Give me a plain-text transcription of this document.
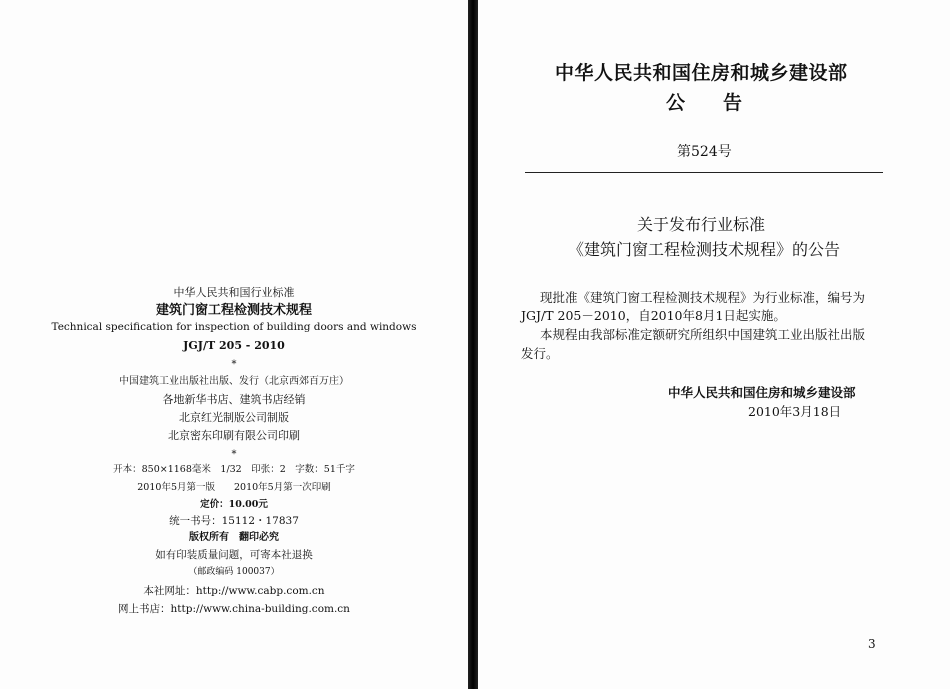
中华人民共和国行业标准
建筑门窗工程检测技术规程
Technical specification for inspection of building doors and windows
JGJ/T 205 - 2010
*
中国建筑工业出版社出版、发行（北京西郊百万庄）
各地新华书店、建筑书店经销
北京红光制版公司制版
北京密东印刷有限公司印刷
*
开本：850×1168毫米　1/32　印张：2　字数：51千字
2010年5月第一版　　2010年5月第一次印刷
定价：10.00元
统一书号：15112・17837
版权所有　翻印必究
如有印装质量问题，可寄本社退换
（邮政编码 100037）
本社网址：http://www.cabp.com.cn
网上书店：http://www.china-building.com.cn
中华人民共和国住房和城乡建设部
公　　告
第524号
关于发布行业标准
《建筑门窗工程检测技术规程》的公告
现批准《建筑门窗工程检测技术规程》为行业标准，编号为
JGJ/T 205－2010，自2010年8月1日起实施。
本规程由我部标准定额研究所组织中国建筑工业出版社出版
发行。
中华人民共和国住房和城乡建设部
2010年3月18日
3
